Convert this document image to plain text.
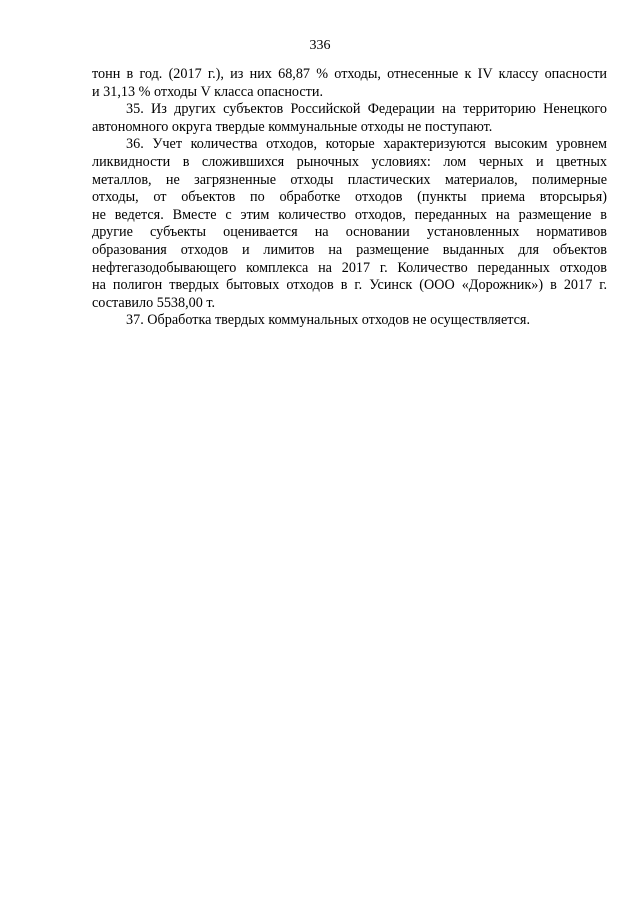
336
тонн в год. (2017 г.), из них 68,87 % отходы, отнесенные к IV классу опасности
и 31,13 % отходы V класса опасности.
35. Из других субъектов Российской Федерации на территорию Ненецкого
автономного округа твердые коммунальные отходы не поступают.
36. Учет количества отходов, которые характеризуются высоким уровнем
ликвидности в сложившихся рыночных условиях: лом черных и цветных
металлов, не загрязненные отходы пластических материалов, полимерные
отходы, от объектов по обработке отходов (пункты приема вторсырья)
не ведется. Вместе с этим количество отходов, переданных на размещение в
другие субъекты оценивается на основании установленных нормативов
образования отходов и лимитов на размещение выданных для объектов
нефтегазодобывающего комплекса на 2017 г. Количество переданных отходов
на полигон твердых бытовых отходов в г. Усинск (ООО «Дорожник») в 2017 г.
составило 5538,00 т.
37. Обработка твердых коммунальных отходов не осуществляется.
